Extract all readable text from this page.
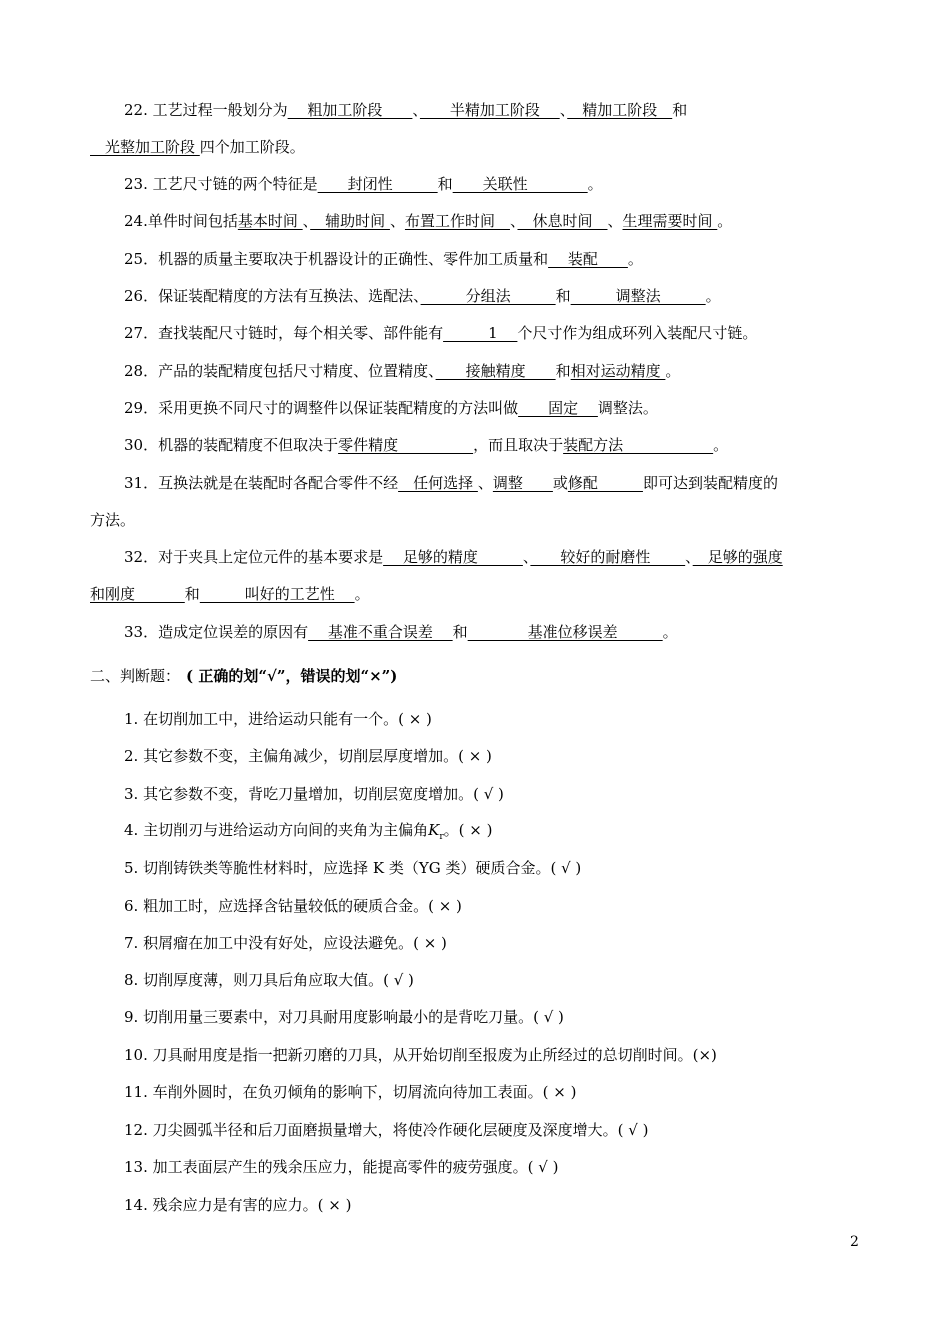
22. 工艺过程一般划分为　 粗加工阶段　　、　　半精加工阶段　 、　精加工阶段　和
　光整加工阶段 四个加工阶段。
23. 工艺尺寸链的两个特征是　　封闭性　　　和　　关联性　　　　。
24.单件时间包括基本时间 、　辅助时间 、布置工作时间　、　休息时间　、生理需要时间 。
25．机器的质量主要取决于机器设计的正确性、零件加工质量和　 装配　　。
26．保证装配精度的方法有互换法、选配法、　　　分组法　　　和　　　调整法　　　。
27．查找装配尺寸链时，每个相关零、部件能有　　　1　 个尺寸作为组成环列入装配尺寸链。
28．产品的装配精度包括尺寸精度、位置精度、　　接触精度　　和相对运动精度 。
29．采用更换不同尺寸的调整件以保证装配精度的方法叫做　　固定　 调整法。
30．机器的装配精度不但取决于零件精度　　　　　，而且取决于装配方法　　　　　　。
31．互换法就是在装配时各配合零件不经　任何选择 、调整　　或修配　　　即可达到装配精度的
方法。
32．对于夹具上定位元件的基本要求是　 足够的精度　　　、　　较好的耐磨性　　 、　足够的强度
和刚度　　　 和　　　叫好的工艺性　 。
33．造成定位误差的原因有　 基准不重合误差　 和　　　　基准位移误差　　　。
二、判断题： ( 正确的划“√”，错误的划“×”)
1. 在切削加工中，进给运动只能有一个。( × )
2. 其它参数不变，主偏角减少，切削层厚度增加。( × )
3. 其它参数不变，背吃刀量增加，切削层宽度增加。( √ )
4. 主切削刃与进给运动方向间的夹角为主偏角$K_r$。( × )
5. 切削铸铁类等脆性材料时，应选择 K 类（YG 类）硬质合金。( √ )
6. 粗加工时，应选择含钴量较低的硬质合金。( × )
7. 积屑瘤在加工中没有好处，应设法避免。( × )
8. 切削厚度薄，则刀具后角应取大值。( √ )
9. 切削用量三要素中，对刀具耐用度影响最小的是背吃刀量。( √ )
10. 刀具耐用度是指一把新刃磨的刀具，从开始切削至报废为止所经过的总切削时间。(×)
11. 车削外圆时，在负刃倾角的影响下，切屑流向待加工表面。( × )
12. 刀尖圆弧半径和后刀面磨损量增大，将使冷作硬化层硬度及深度增大。( √ )
13. 加工表面层产生的残余压应力，能提高零件的疲劳强度。( √ )
14. 残余应力是有害的应力。( × )
2
